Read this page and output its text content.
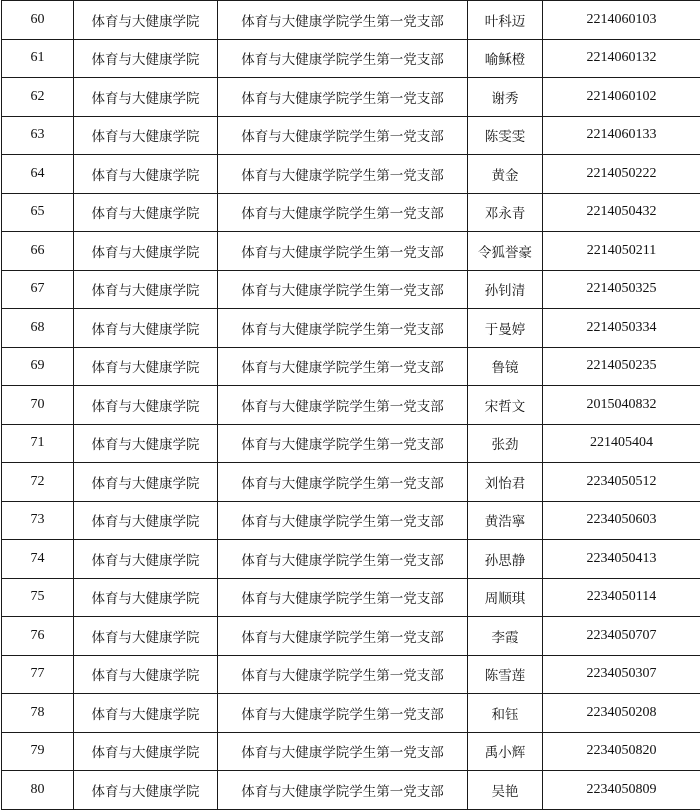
60	体育与大健康学院	体育与大健康学院学生第一党支部	叶科迈	2214060103
61	体育与大健康学院	体育与大健康学院学生第一党支部	喻稣橙	2214060132
62	体育与大健康学院	体育与大健康学院学生第一党支部	谢秀	2214060102
63	体育与大健康学院	体育与大健康学院学生第一党支部	陈雯雯	2214060133
64	体育与大健康学院	体育与大健康学院学生第一党支部	黄金	2214050222
65	体育与大健康学院	体育与大健康学院学生第一党支部	邓永青	2214050432
66	体育与大健康学院	体育与大健康学院学生第一党支部	令狐誉豪	2214050211
67	体育与大健康学院	体育与大健康学院学生第一党支部	孙钊清	2214050325
68	体育与大健康学院	体育与大健康学院学生第一党支部	于曼婷	2214050334
69	体育与大健康学院	体育与大健康学院学生第一党支部	鲁镜	2214050235
70	体育与大健康学院	体育与大健康学院学生第一党支部	宋哲文	2015040832
71	体育与大健康学院	体育与大健康学院学生第一党支部	张劲	221405404
72	体育与大健康学院	体育与大健康学院学生第一党支部	刘怡君	2234050512
73	体育与大健康学院	体育与大健康学院学生第一党支部	黄浩寧	2234050603
74	体育与大健康学院	体育与大健康学院学生第一党支部	孙思静	2234050413
75	体育与大健康学院	体育与大健康学院学生第一党支部	周顺琪	2234050114
76	体育与大健康学院	体育与大健康学院学生第一党支部	李霞	2234050707
77	体育与大健康学院	体育与大健康学院学生第一党支部	陈雪莲	2234050307
78	体育与大健康学院	体育与大健康学院学生第一党支部	和钰	2234050208
79	体育与大健康学院	体育与大健康学院学生第一党支部	禹小辉	2234050820
80	体育与大健康学院	体育与大健康学院学生第一党支部	吴艳	2234050809
